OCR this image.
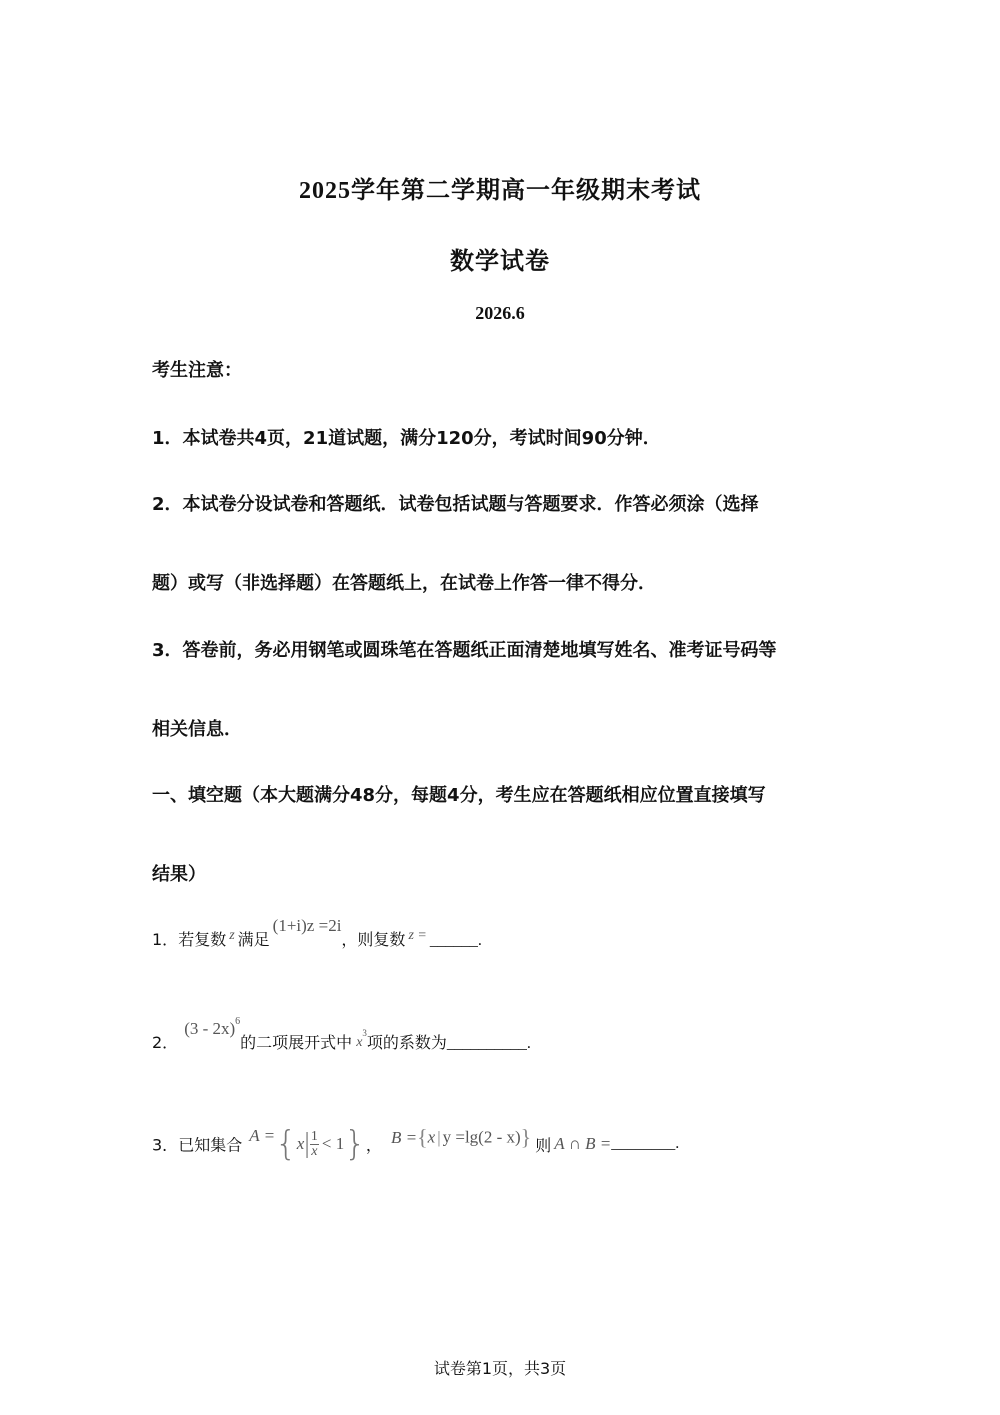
2025学年第二学期高一年级期末考试
数学试卷
2026.6
考生注意：
1．本试卷共4页，21道试题，满分120分，考试时间90分钟．
2．本试卷分设试卷和答题纸．试卷包括试题与答题要求．作答必须涂（选择
题）或写（非选择题）在答题纸上，在试卷上作答一律不得分．
3．答卷前，务必用钢笔或圆珠笔在答题纸正面清楚地填写姓名、准考证号码等
相关信息．
一、填空题（本大题满分48分，每题4分，考生应在答题纸相应位置直接填写
结果）
1．若复数 z 满足(1+i)z =2i，则复数 z = ______.
2．(3 - 2x)$^6$的二项展开式中 $x^3$项的系数为__________.
3．已知集合 $A =\{x| \frac{1}{x} < 1\}$， B ={x | y =lg(2 - x)} 则 A ∩ B =________.
试卷第1页，共3页
